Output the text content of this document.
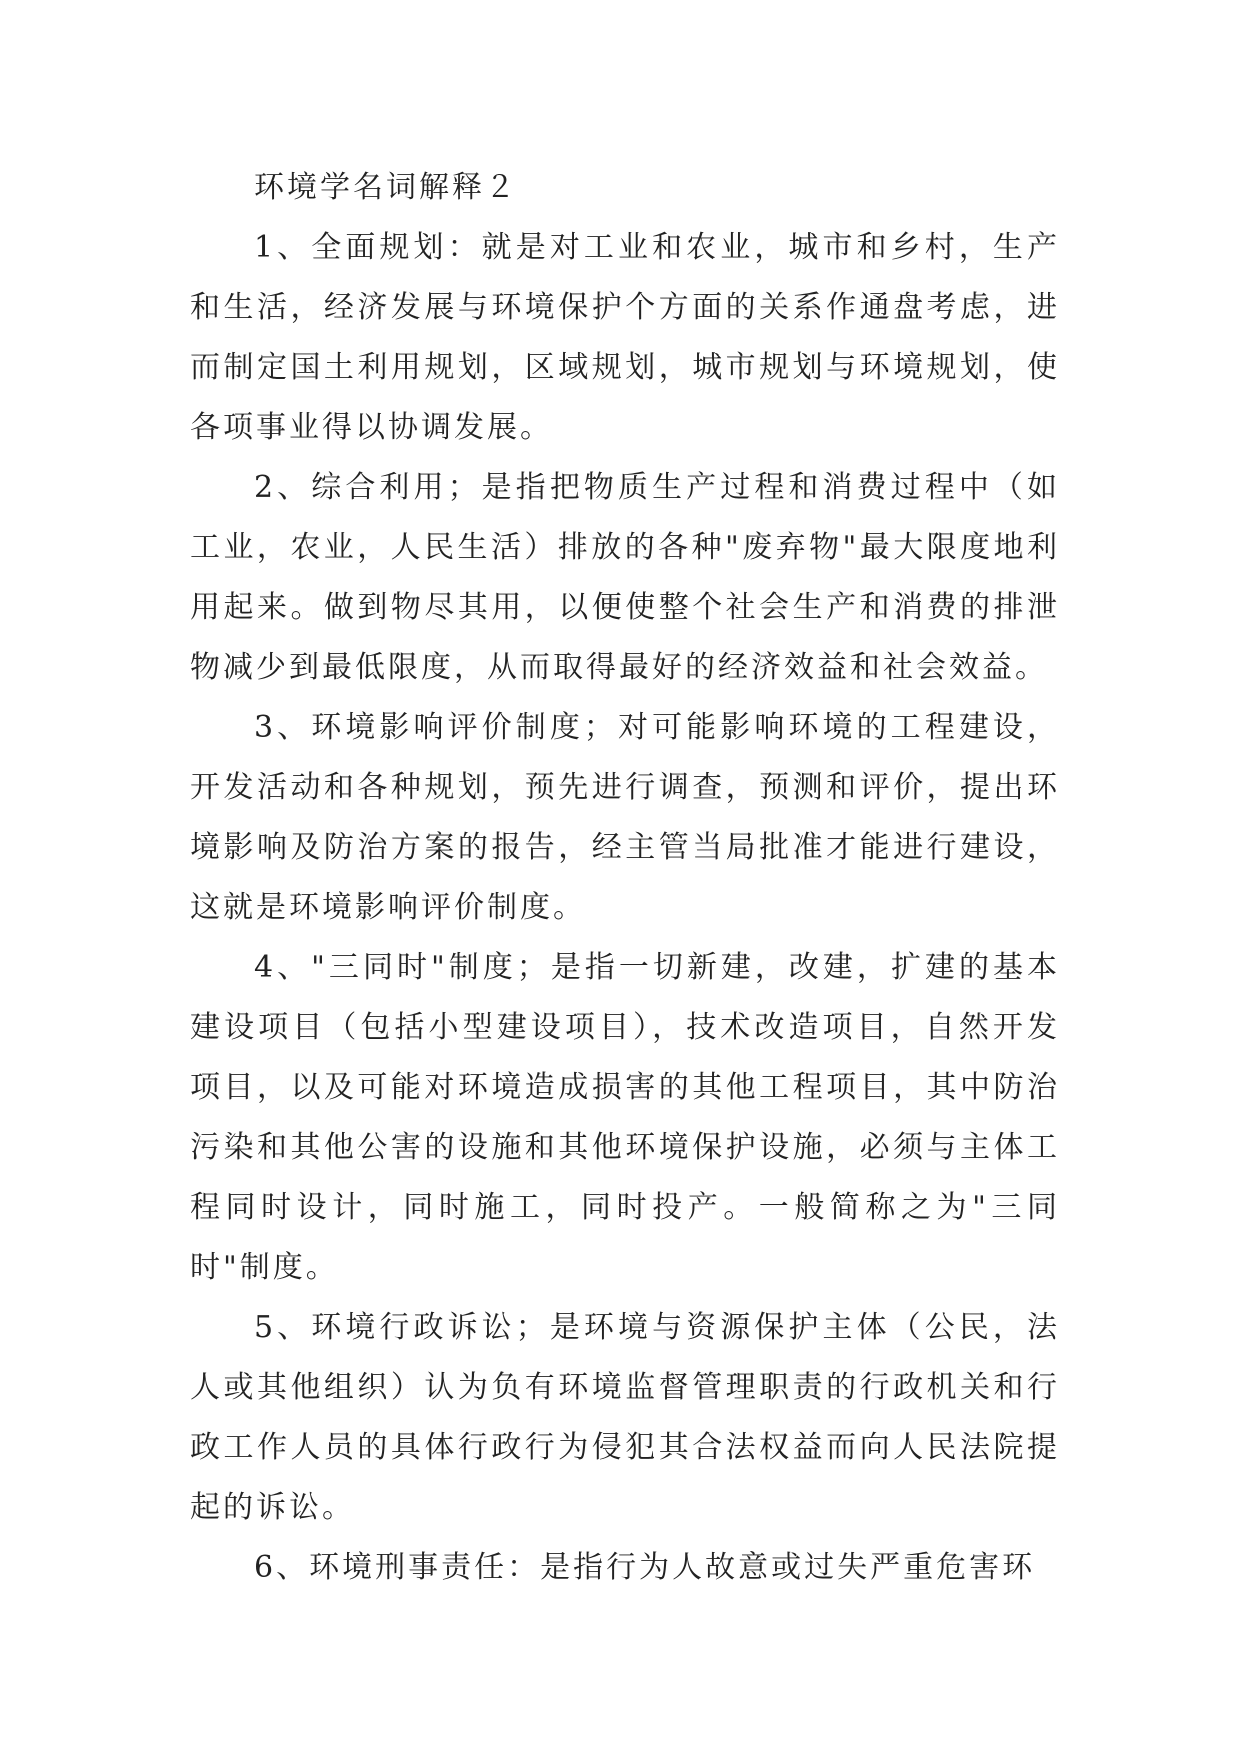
环境学名词解释２

1、全面规划：就是对工业和农业，城市和乡村，生产和生活，经济发展与环境保护个方面的关系作通盘考虑，进而制定国土利用规划，区域规划，城市规划与环境规划，使各项事业得以协调发展。

2、综合利用；是指把物质生产过程和消费过程中（如工业，农业，人民生活）排放的各种"废弃物"最大限度地利用起来。做到物尽其用，以便使整个社会生产和消费的排泄物减少到最低限度，从而取得最好的经济效益和社会效益。

3、环境影响评价制度；对可能影响环境的工程建设，开发活动和各种规划，预先进行调查，预测和评价，提出环境影响及防治方案的报告，经主管当局批准才能进行建设，这就是环境影响评价制度。

4、"三同时"制度；是指一切新建，改建，扩建的基本建设项目（包括小型建设项目），技术改造项目，自然开发项目，以及可能对环境造成损害的其他工程项目，其中防治污染和其他公害的设施和其他环境保护设施，必须与主体工程同时设计，同时施工，同时投产。一般简称之为"三同时"制度。

5、环境行政诉讼；是环境与资源保护主体（公民，法人或其他组织）认为负有环境监督管理职责的行政机关和行政工作人员的具体行政行为侵犯其合法权益而向人民法院提起的诉讼。

6、环境刑事责任：是指行为人故意或过失严重危害环
